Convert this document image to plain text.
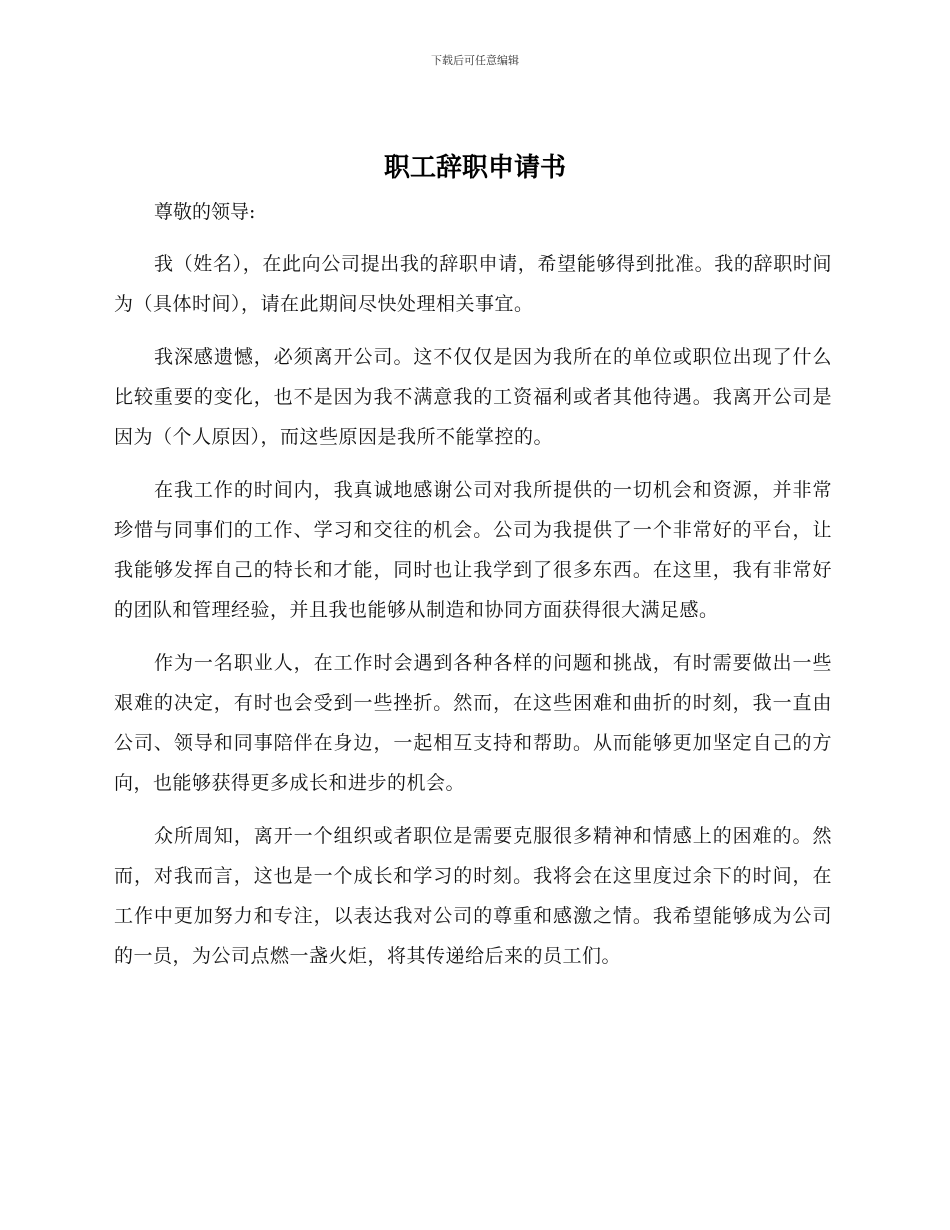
下载后可任意编辑
职工辞职申请书

尊敬的领导:

我（姓名），在此向公司提出我的辞职申请，希望能够得到批准。我的辞职时间为（具体时间），请在此期间尽快处理相关事宜。

我深感遗憾，必须离开公司。这不仅仅是因为我所在的单位或职位出现了什么比较重要的变化，也不是因为我不满意我的工资福利或者其他待遇。我离开公司是因为（个人原因），而这些原因是我所不能掌控的。

在我工作的时间内，我真诚地感谢公司对我所提供的一切机会和资源，并非常珍惜与同事们的工作、学习和交往的机会。公司为我提供了一个非常好的平台，让我能够发挥自己的特长和才能，同时也让我学到了很多东西。在这里，我有非常好的团队和管理经验，并且我也能够从制造和协同方面获得很大满足感。

作为一名职业人，在工作时会遇到各种各样的问题和挑战，有时需要做出一些艰难的决定，有时也会受到一些挫折。然而，在这些困难和曲折的时刻，我一直由公司、领导和同事陪伴在身边，一起相互支持和帮助。从而能够更加坚定自己的方向，也能够获得更多成长和进步的机会。

众所周知，离开一个组织或者职位是需要克服很多精神和情感上的困难的。然而，对我而言，这也是一个成长和学习的时刻。我将会在这里度过余下的时间，在工作中更加努力和专注，以表达我对公司的尊重和感激之情。我希望能够成为公司的一员，为公司点燃一盏火炬，将其传递给后来的员工们。
